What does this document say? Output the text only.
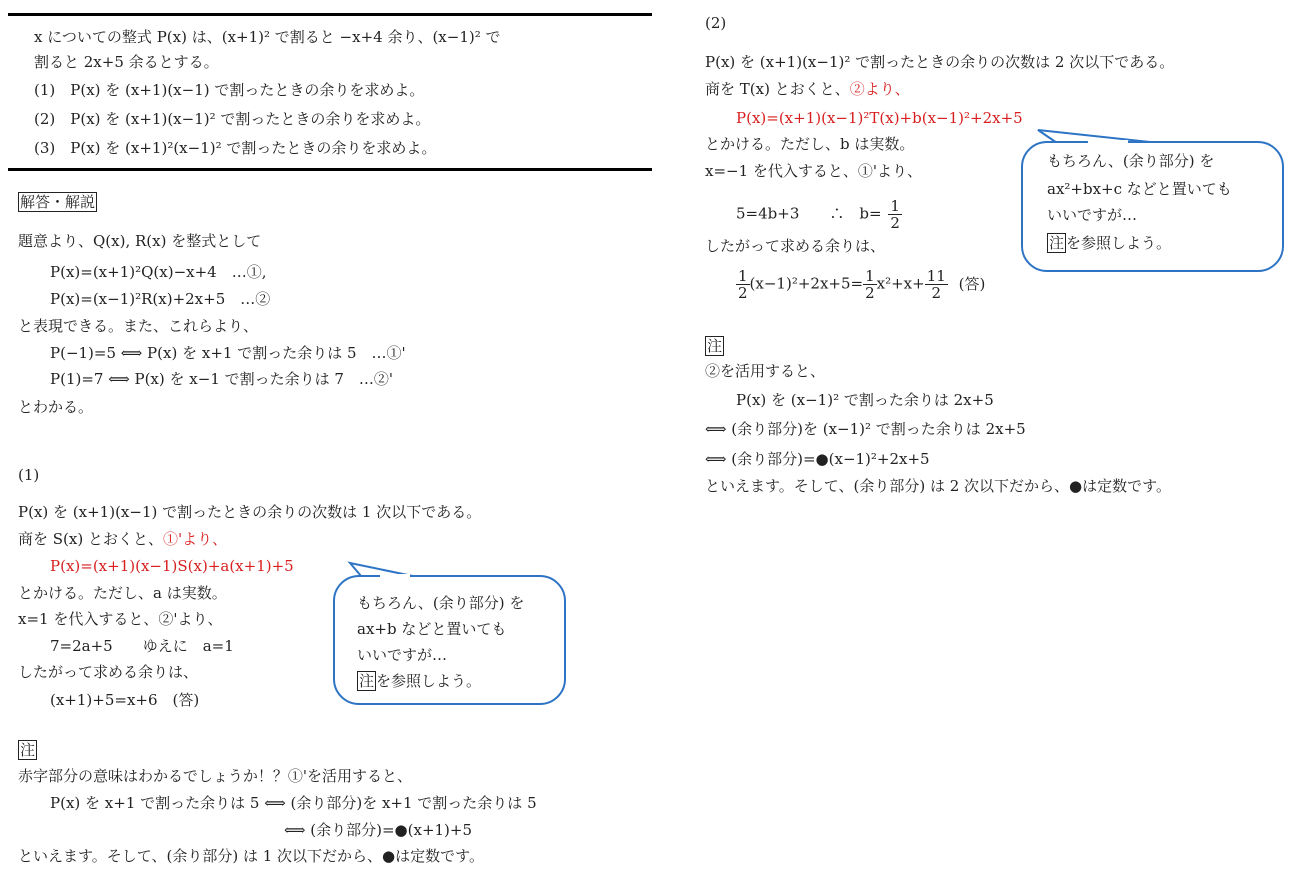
x についての整式 P(x) は、(x+1)² で割ると −x+4 余り、(x−1)² で
割ると 2x+5 余るとする。
(1)　P(x) を (x+1)(x−1) で割ったときの余りを求めよ。
(2)　P(x) を (x+1)(x−1)² で割ったときの余りを求めよ。
(3)　P(x) を (x+1)²(x−1)² で割ったときの余りを求めよ。
解答・解説
題意より、Q(x), R(x) を整式として
P(x)=(x+1)²Q(x)−x+4　…①,
P(x)=(x−1)²R(x)+2x+5　…②
と表現できる。また、これらより、
P(−1)=5 ⟺ P(x) を x+1 で割った余りは 5　…①'
P(1)=7 ⟺ P(x) を x−1 で割った余りは 7　…②'
とわかる。
(1)
P(x) を (x+1)(x−1) で割ったときの余りの次数は 1 次以下である。
商を S(x) とおくと、①'より、
P(x)=(x+1)(x−1)S(x)+a(x+1)+5
とかける。ただし、a は実数。
x=1 を代入すると、②'より、
7=2a+5　　ゆえに　a=1
したがって求める余りは、
(x+1)+5=x+6　(答)
もちろん、(余り部分) を
ax+b などと置いても
いいですが…
注 を参照しよう。
注
赤字部分の意味はわかるでしょうか！？①'を活用すると、
P(x) を x+1 で割った余りは 5 ⟺ (余り部分)を x+1 で割った余りは 5
⟺ (余り部分)=●(x+1)+5
といえます。そして、(余り部分) は 1 次以下だから、●は定数です。
(2)
P(x) を (x+1)(x−1)² で割ったときの余りの次数は 2 次以下である。
商を T(x) とおくと、②より、
P(x)=(x+1)(x−1)²T(x)+b(x−1)²+2x+5
とかける。ただし、b は実数。
x=−1 を代入すると、①'より、
5=4b+3　　∴　$b= \frac{1}{2}$
したがって求める余りは、
$\frac{1}{2} (x-1)^2+2x+5= \frac{1}{2} x^2+x+ \frac{11}{2}$ (答)
もちろん、(余り部分) を
ax²+bx+c などと置いても
いいですが…
注 を参照しよう。
注
②を活用すると、
P(x) を (x−1)² で割った余りは 2x+5
⟺ (余り部分)を (x−1)² で割った余りは 2x+5
⟺ (余り部分)=●(x−1)²+2x+5
といえます。そして、(余り部分) は 2 次以下だから、●は定数です。
